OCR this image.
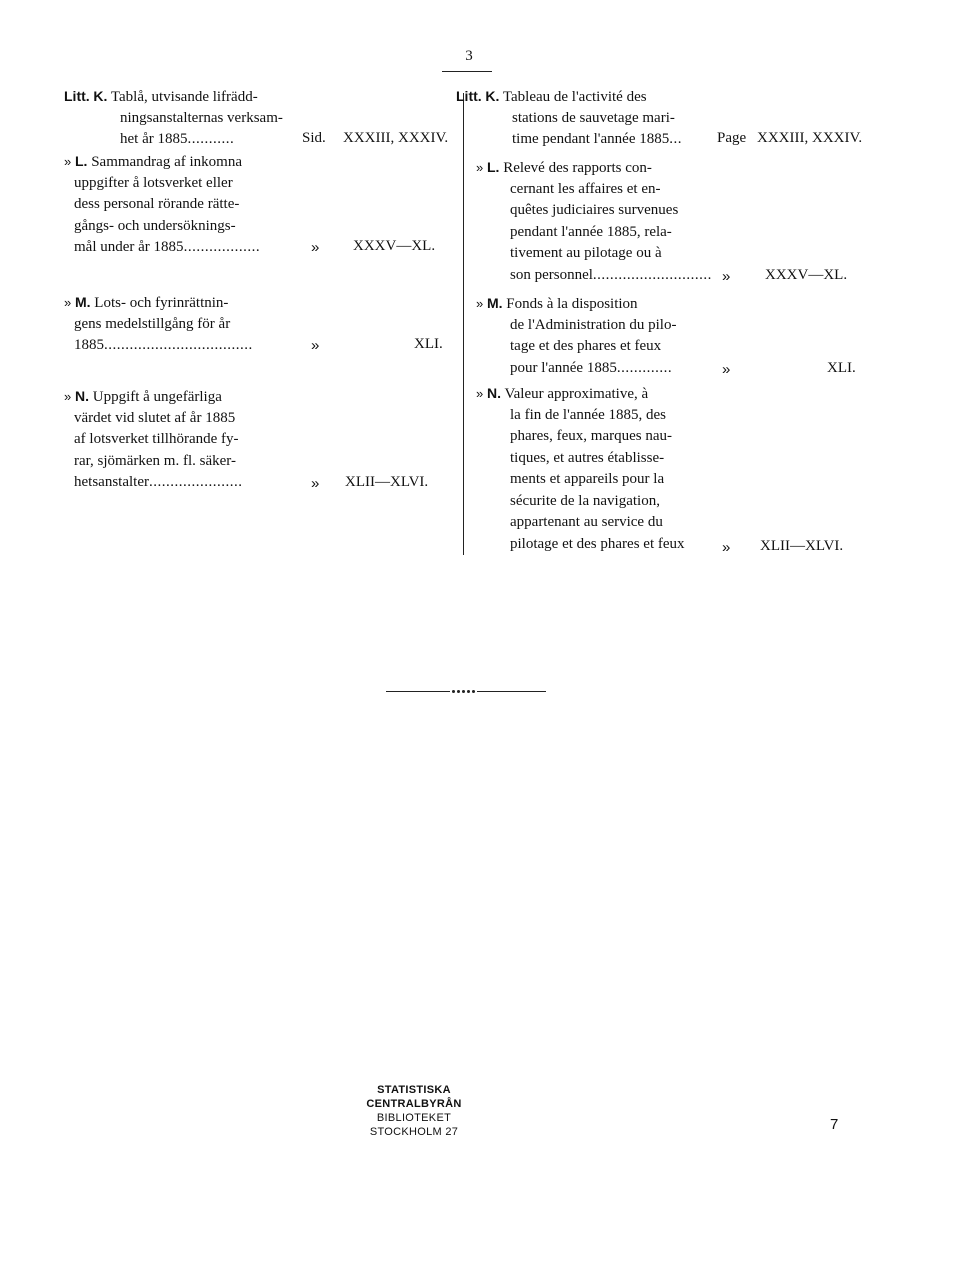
3
Litt. K. Tablå, utvisande lifrädd-
ningsanstalternas verksam-
het år 1885...........	Sid. XXXIII, XXXIV.
» L. Sammandrag af inkomna
uppgifter å lotsverket eller
dess personal rörande rätte-
gångs- och undersöknings-
mål under år 1885..................	» XXXV—XL.
» M. Lots- och fyrinrättnin-
gens medelstillgång för år
1885...................................	»	XLI.
» N. Uppgift å ungefärliga
värdet vid slutet af år 1885
af lotsverket tillhörande fy-
rar, sjömärken m. fl. säker-
hetsanstalter......................	» XLII—XLVI.
Litt. K. Tableau de l'activité des
stations de sauvetage mari-
time pendant l'année 1885... Page XXXIII, XXXIV.
» L. Relevé des rapports con-
cernant les affaires et en-
quêtes judiciaires survenues
pendant l'année 1885, rela-
tivement au pilotage ou à
son personnel............................ » XXXV—XL.
» M. Fonds à la disposition
de l'Administration du pilo-
tage et des phares et feux
pour l'année 1885.............	»	XLI.
» N. Valeur approximative, à
la fin de l'année 1885, des
phares, feux, marques nau-
tiques, et autres établisse-
ments et appareils pour la
sécurite de la navigation,
appartenant au service du
pilotage et des phares et feux » XLII—XLVI.
STATISTISKA CENTRALBYRÅN
BIBLIOTEKET
STOCKHOLM 27	7
